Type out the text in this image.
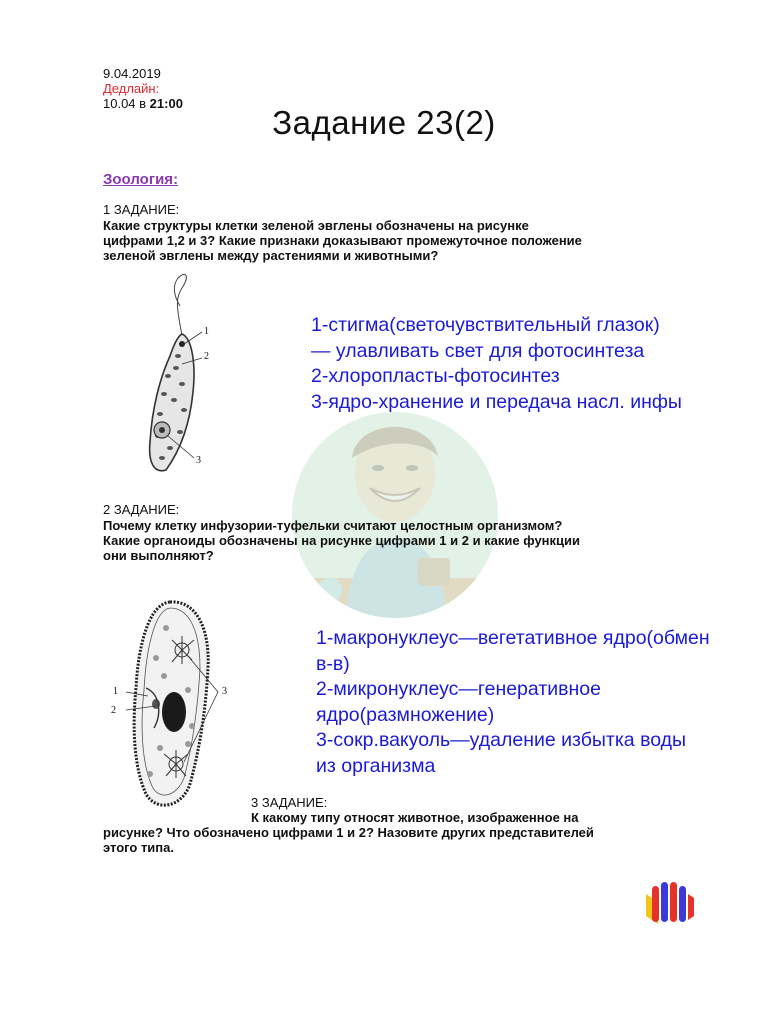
9.04.2019
Дедлайн:
10.04 в 21:00
Задание 23(2)
Зоология:
1 ЗАДАНИЕ:
Какие структуры клетки зеленой эвглены обозначены на рисунке
цифрами 1,2 и 3? Какие признаки доказывают промежуточное положение
зеленой эвглены между растениями и животными?
1
2
3
1-стигма(светочувствительный глазок)
— улавливать свет для фотосинтеза
2-хлоропласты-фотосинтез
3-ядро-хранение и передача насл. инфы
2 ЗАДАНИЕ:
Почему клетку инфузории-туфельки считают целостным организмом?
Какие органоиды обозначены на рисунке цифрами 1 и 2 и какие функции
они выполняют?
1
2
3
1-макронуклеус—вегетативное ядро(обмен
в-в)
2-микронуклеус—генеративное
ядро(размножение)
3-сокр.вакуоль—удаление избытка воды
из организма
3 ЗАДАНИЕ:
К какому типу относят животное, изображенное на
рисунке? Что обозначено цифрами 1 и 2? Назовите других представителей
этого типа.
